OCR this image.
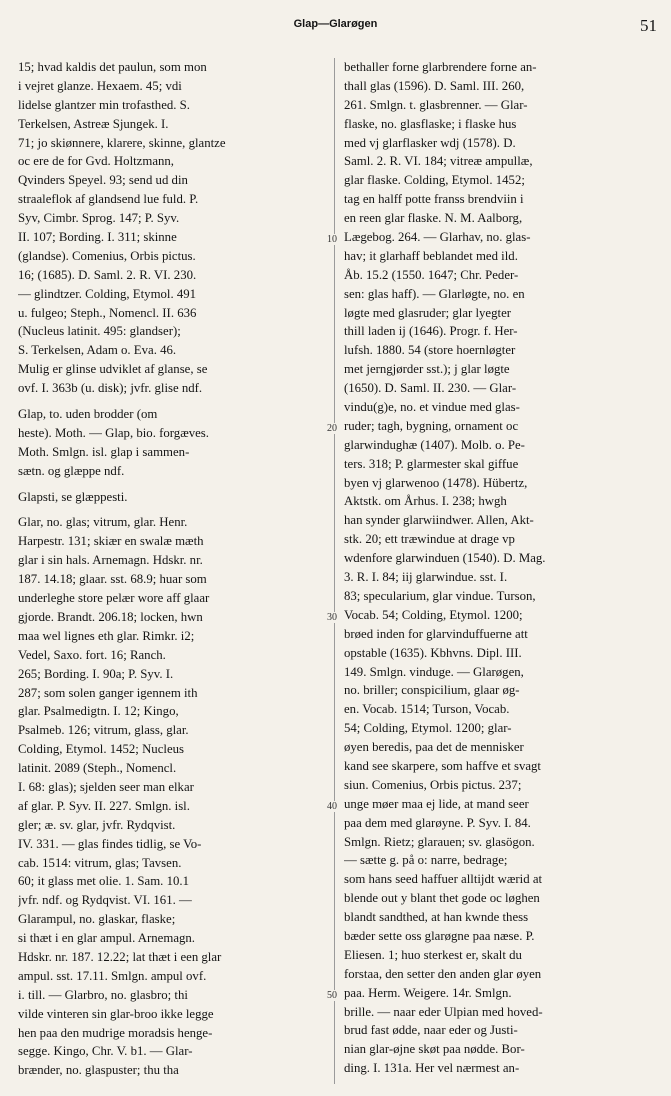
Glap—Glarøgen	51
15; hvad kaldis det paulun, som mon
i vejret glanze. Hexaem. 45; vdi
lidelse glantzer min trofasthed. S.
Terkelsen, Astreæ Sjungek. I.
71; jo skiønnere, klarere, skinne, glantze
oc ere de for Gvd. Holtzmann,
Qvinders Speyel. 93; send ud din
straaleflok af glandsend lue fuld. P.
Syv, Cimbr. Sprog. 147; P. Syv.
II. 107; Bording. I. 311; skinne
(glandse). Comenius, Orbis pictus.
16; (1685). D. Saml. 2. R. VI. 230.
— glindtzer. Colding, Etymol. 491
u. fulgeo; Steph., Nomencl. II. 636
(Nucleus latinit. 495: glandser);
S. Terkelsen, Adam o. Eva. 46.
Mulig er glinse udviklet af glanse, se
ovf. I. 363b (u. disk); jvfr. glise ndf.
Glap, to. uden brodder (om
heste). Moth. — Glap, bio. forgæves.
Moth. Smlgn. isl. glap i sammen-
sætn. og glæppe ndf.
Glapsti, se glæppesti.
Glar, no. glas; vitrum, glar. Henr.
Harpestr. 131; skiær en swalæ mæth
glar i sin hals. Arnemagn. Hdskr. nr.
187. 14.18; glaar. sst. 68.9; huar som
underleghe store pelær wore aff glaar
gjorde. Brandt. 206.18; locken, hwn
maa wel lignes eth glar. Rimkr. i2;
Vedel, Saxo. fort. 16; Ranch.
265; Bording. I. 90a; P. Syv. I.
287; som solen ganger igennem ith
glar. Psalmedigtn. I. 12; Kingo,
Psalmeb. 126; vitrum, glass, glar.
Colding, Etymol. 1452; Nucleus
latinit. 2089 (Steph., Nomencl.
I. 68: glas); sjelden seer man elkar
af glar. P. Syv. II. 227. Smlgn. isl.
gler; æ. sv. glar, jvfr. Rydqvist.
IV. 331. — glas findes tidlig, se Vo-
cab. 1514: vitrum, glas; Tavsen.
60; it glass met olie. 1. Sam. 10.1
jvfr. ndf. og Rydqvist. VI. 161. —
Glarampul, no. glaskar, flaske;
si thæt i en glar ampul. Arnemagn.
Hdskr. nr. 187. 12.22; lat thæt i een glar
ampul. sst. 17.11. Smlgn. ampul ovf.
i. till. — Glarbro, no. glasbro; thi
vilde vinteren sin glar-broo ikke legge
hen paa den mudrige moradsis henge-
segge. Kingo, Chr. V. b1. — Glar-
brænder, no. glaspuster; thu tha
bethaller forne glarbrendere forne an-
thall glas (1596). D. Saml. III. 260,
261. Smlgn. t. glasbrenner. — Glar-
flaske, no. glasflaske; i flaske hus
med vj glarflasker wdj (1578). D.
Saml. 2. R. VI. 184; vitreæ ampullæ,
glar flaske. Colding, Etymol. 1452;
tag en halff potte franss brendviin i
en reen glar flaske. N. M. Aalborg,
Lægebog. 264. — Glarhav, no. glas-
hav; it glarhaff beblandet med ild.
Åb. 15.2 (1550. 1647; Chr. Peder-
sen: glas haff). — Glarløgte, no. en
løgte med glasruder; glar lyegter
thill laden ij (1646). Progr. f. Her-
lufsh. 1880. 54 (store hoernløgter
met jerngjørder sst.); j glar løgte
(1650). D. Saml. II. 230. — Glar-
vindu(g)e, no. et vindue med glas-
ruder; tagh, bygning, ornament oc
glarwindughæ (1407). Molb. o. Pe-
ters. 318; P. glarmester skal giffue
byen vj glarwenoo (1478). Hübertz,
Aktstk. om Århus. I. 238; hwgh
han synder glarwiindwer. Allen, Akt-
stk. 20; ett træwindue at drage vp
wdenfore glarwinduen (1540). D. Mag.
3. R. I. 84; iij glarwindue. sst. I.
83; specularium, glar vindue. Turson,
Vocab. 54; Colding, Etymol. 1200;
brøed inden for glarvinduffuerne att
opstable (1635). Kbhvns. Dipl. III.
149. Smlgn. vinduge. — Glarøgen,
no. briller; conspicilium, glaar øg-
en. Vocab. 1514; Turson, Vocab.
54; Colding, Etymol. 1200; glar-
øyen beredis, paa det de mennisker
kand see skarpere, som haffve et svagt
siun. Comenius, Orbis pictus. 237;
unge møer maa ej lide, at mand seer
paa dem med glarøyne. P. Syv. I. 84.
Smlgn. Rietz; glarauen; sv. glasögon.
— sætte g. på o: narre, bedrage;
som hans seed haffuer alltijdt wærid at
blende out y blant thet gode oc løghen
blandt sandthed, at han kwnde thess
bæder sette oss glarøgne paa næse. P.
Eliesen. 1; huo sterkest er, skalt du
forstaa, den setter den anden glar øyen
paa. Herm. Weigere. 14r. Smlgn.
brille. — naar eder Ulpian med hoved-
brud fast ødde, naar eder og Justi-
nian glar-øjne skøt paa nødde. Bor-
ding. I. 131a. Her vel nærmest an-
10
20
30
40
50
